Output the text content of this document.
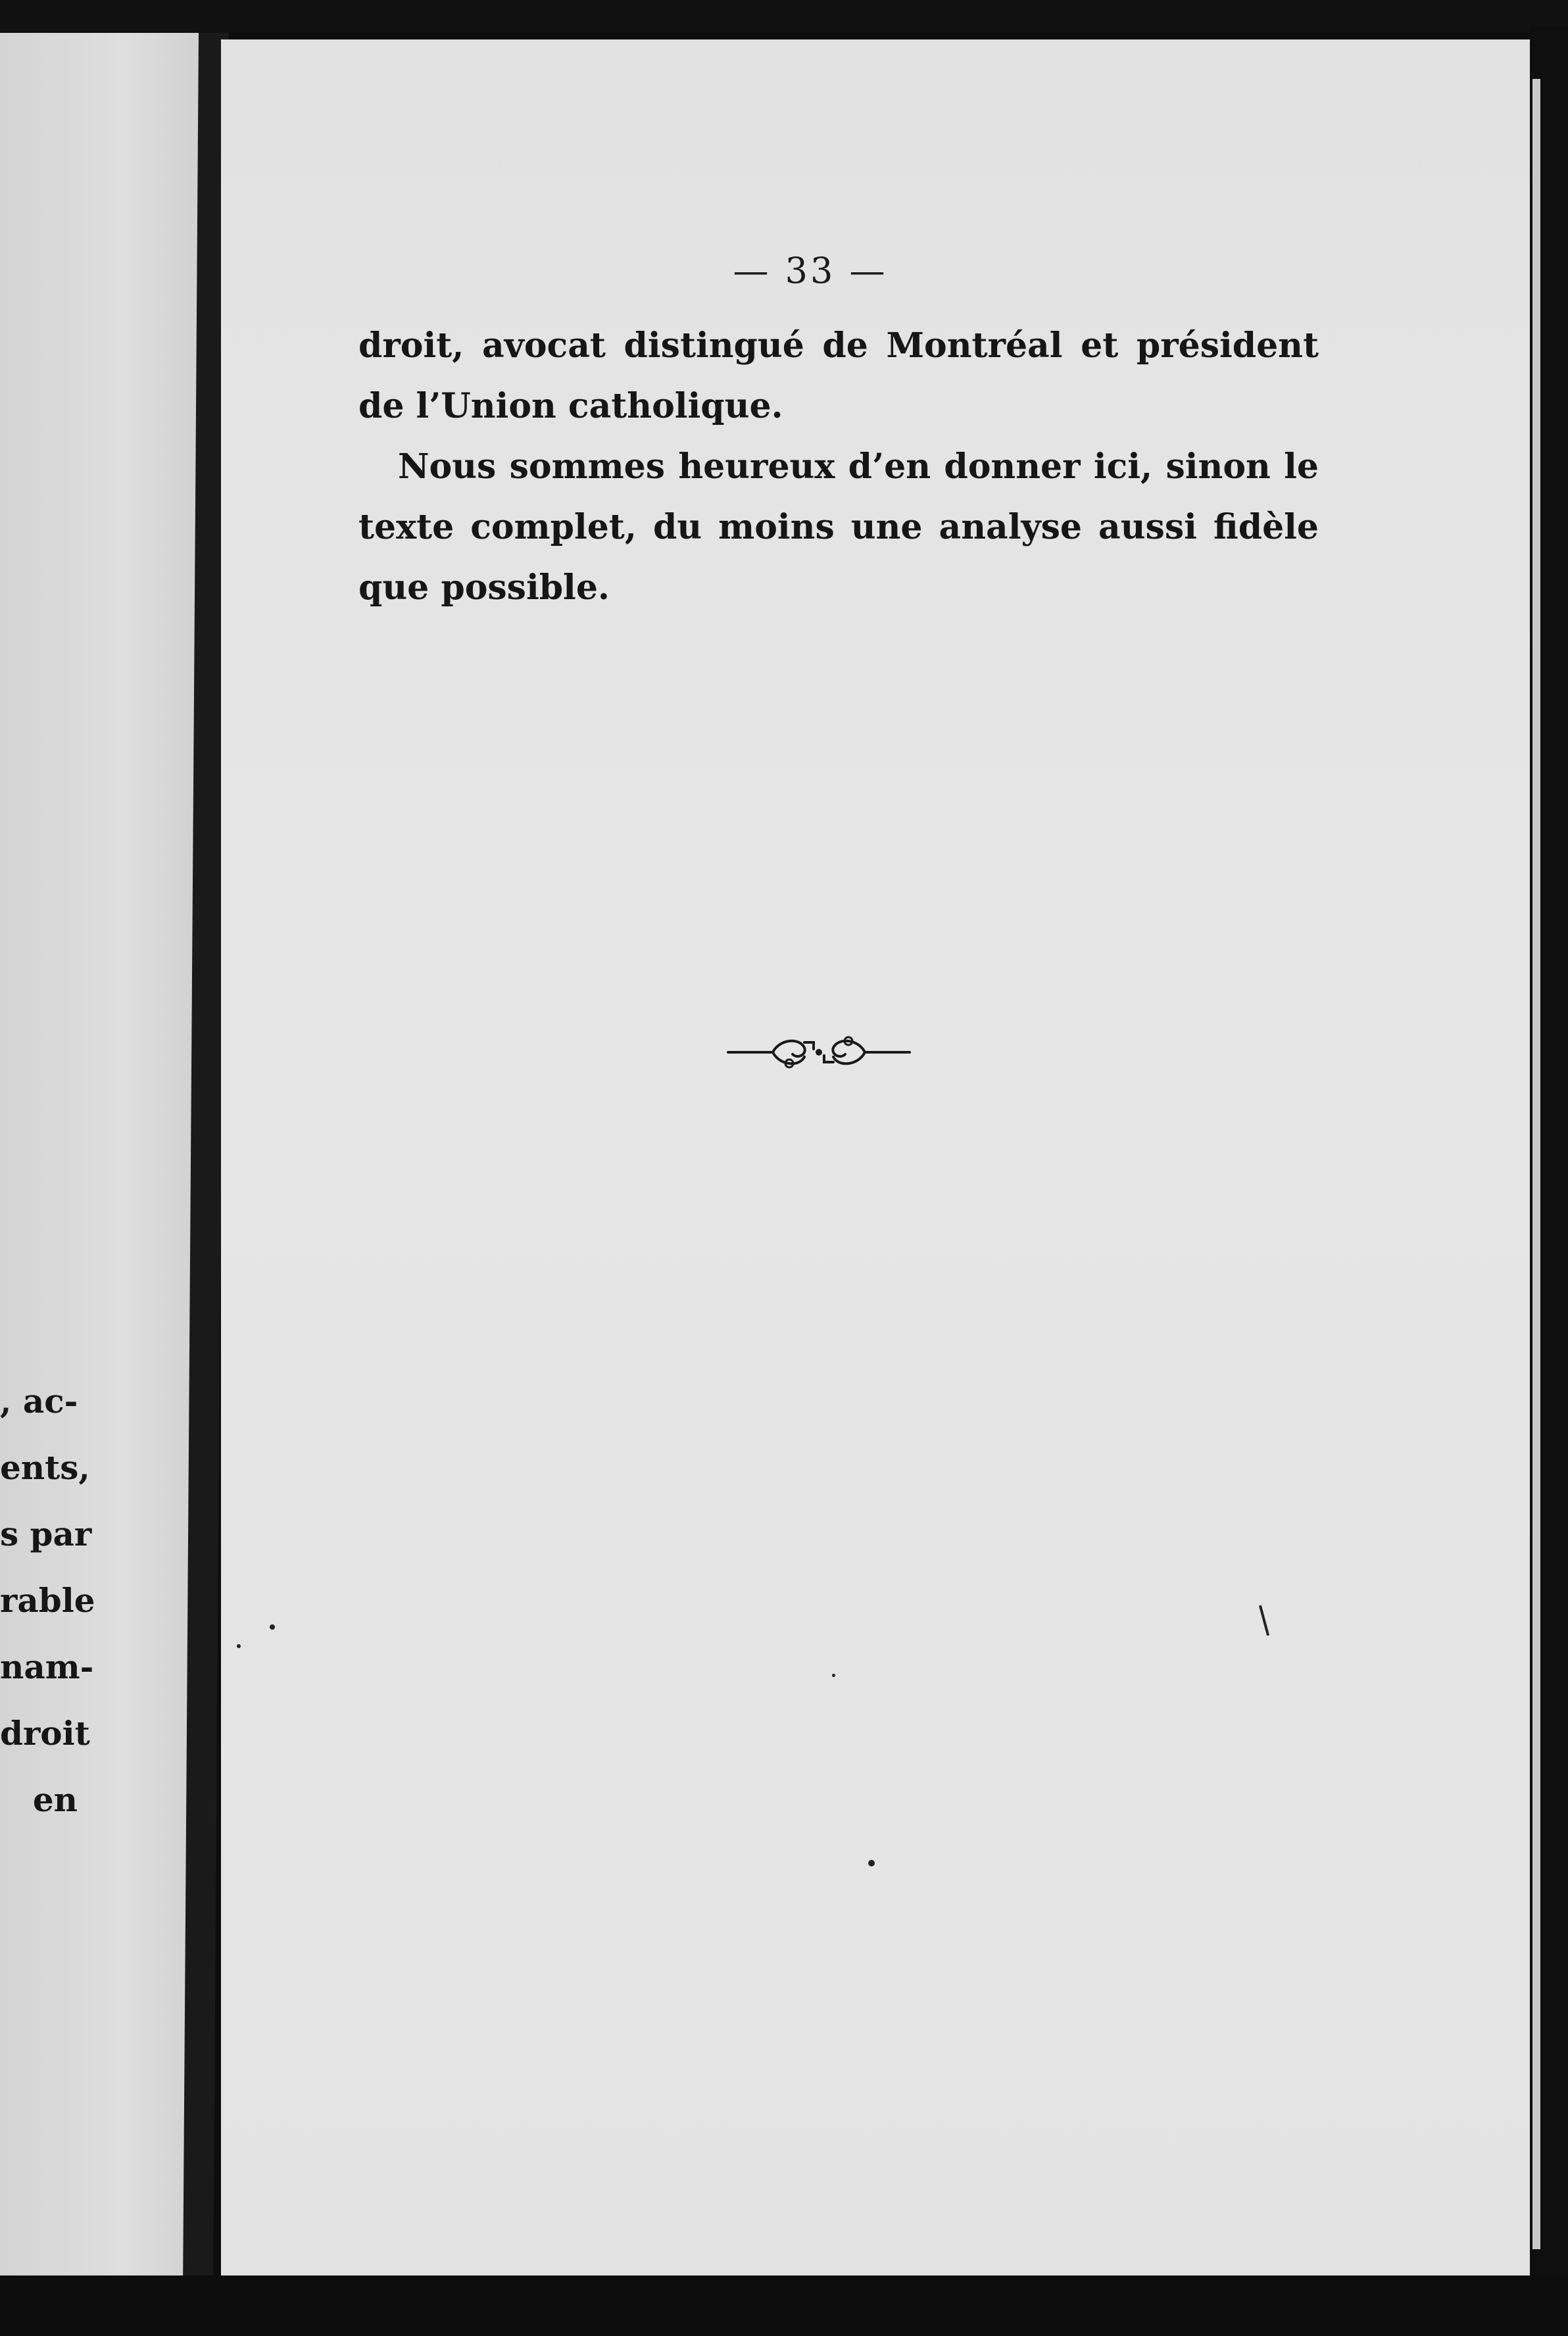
— 33 —

droit, avocat distingué de Montréal et président de l’Union catholique.

Nous sommes heureux d’en donner ici, sinon le texte complet, du moins une analyse aussi fidèle que possible.

, ac-
ents,
s par
rable
nam-
droit
en
